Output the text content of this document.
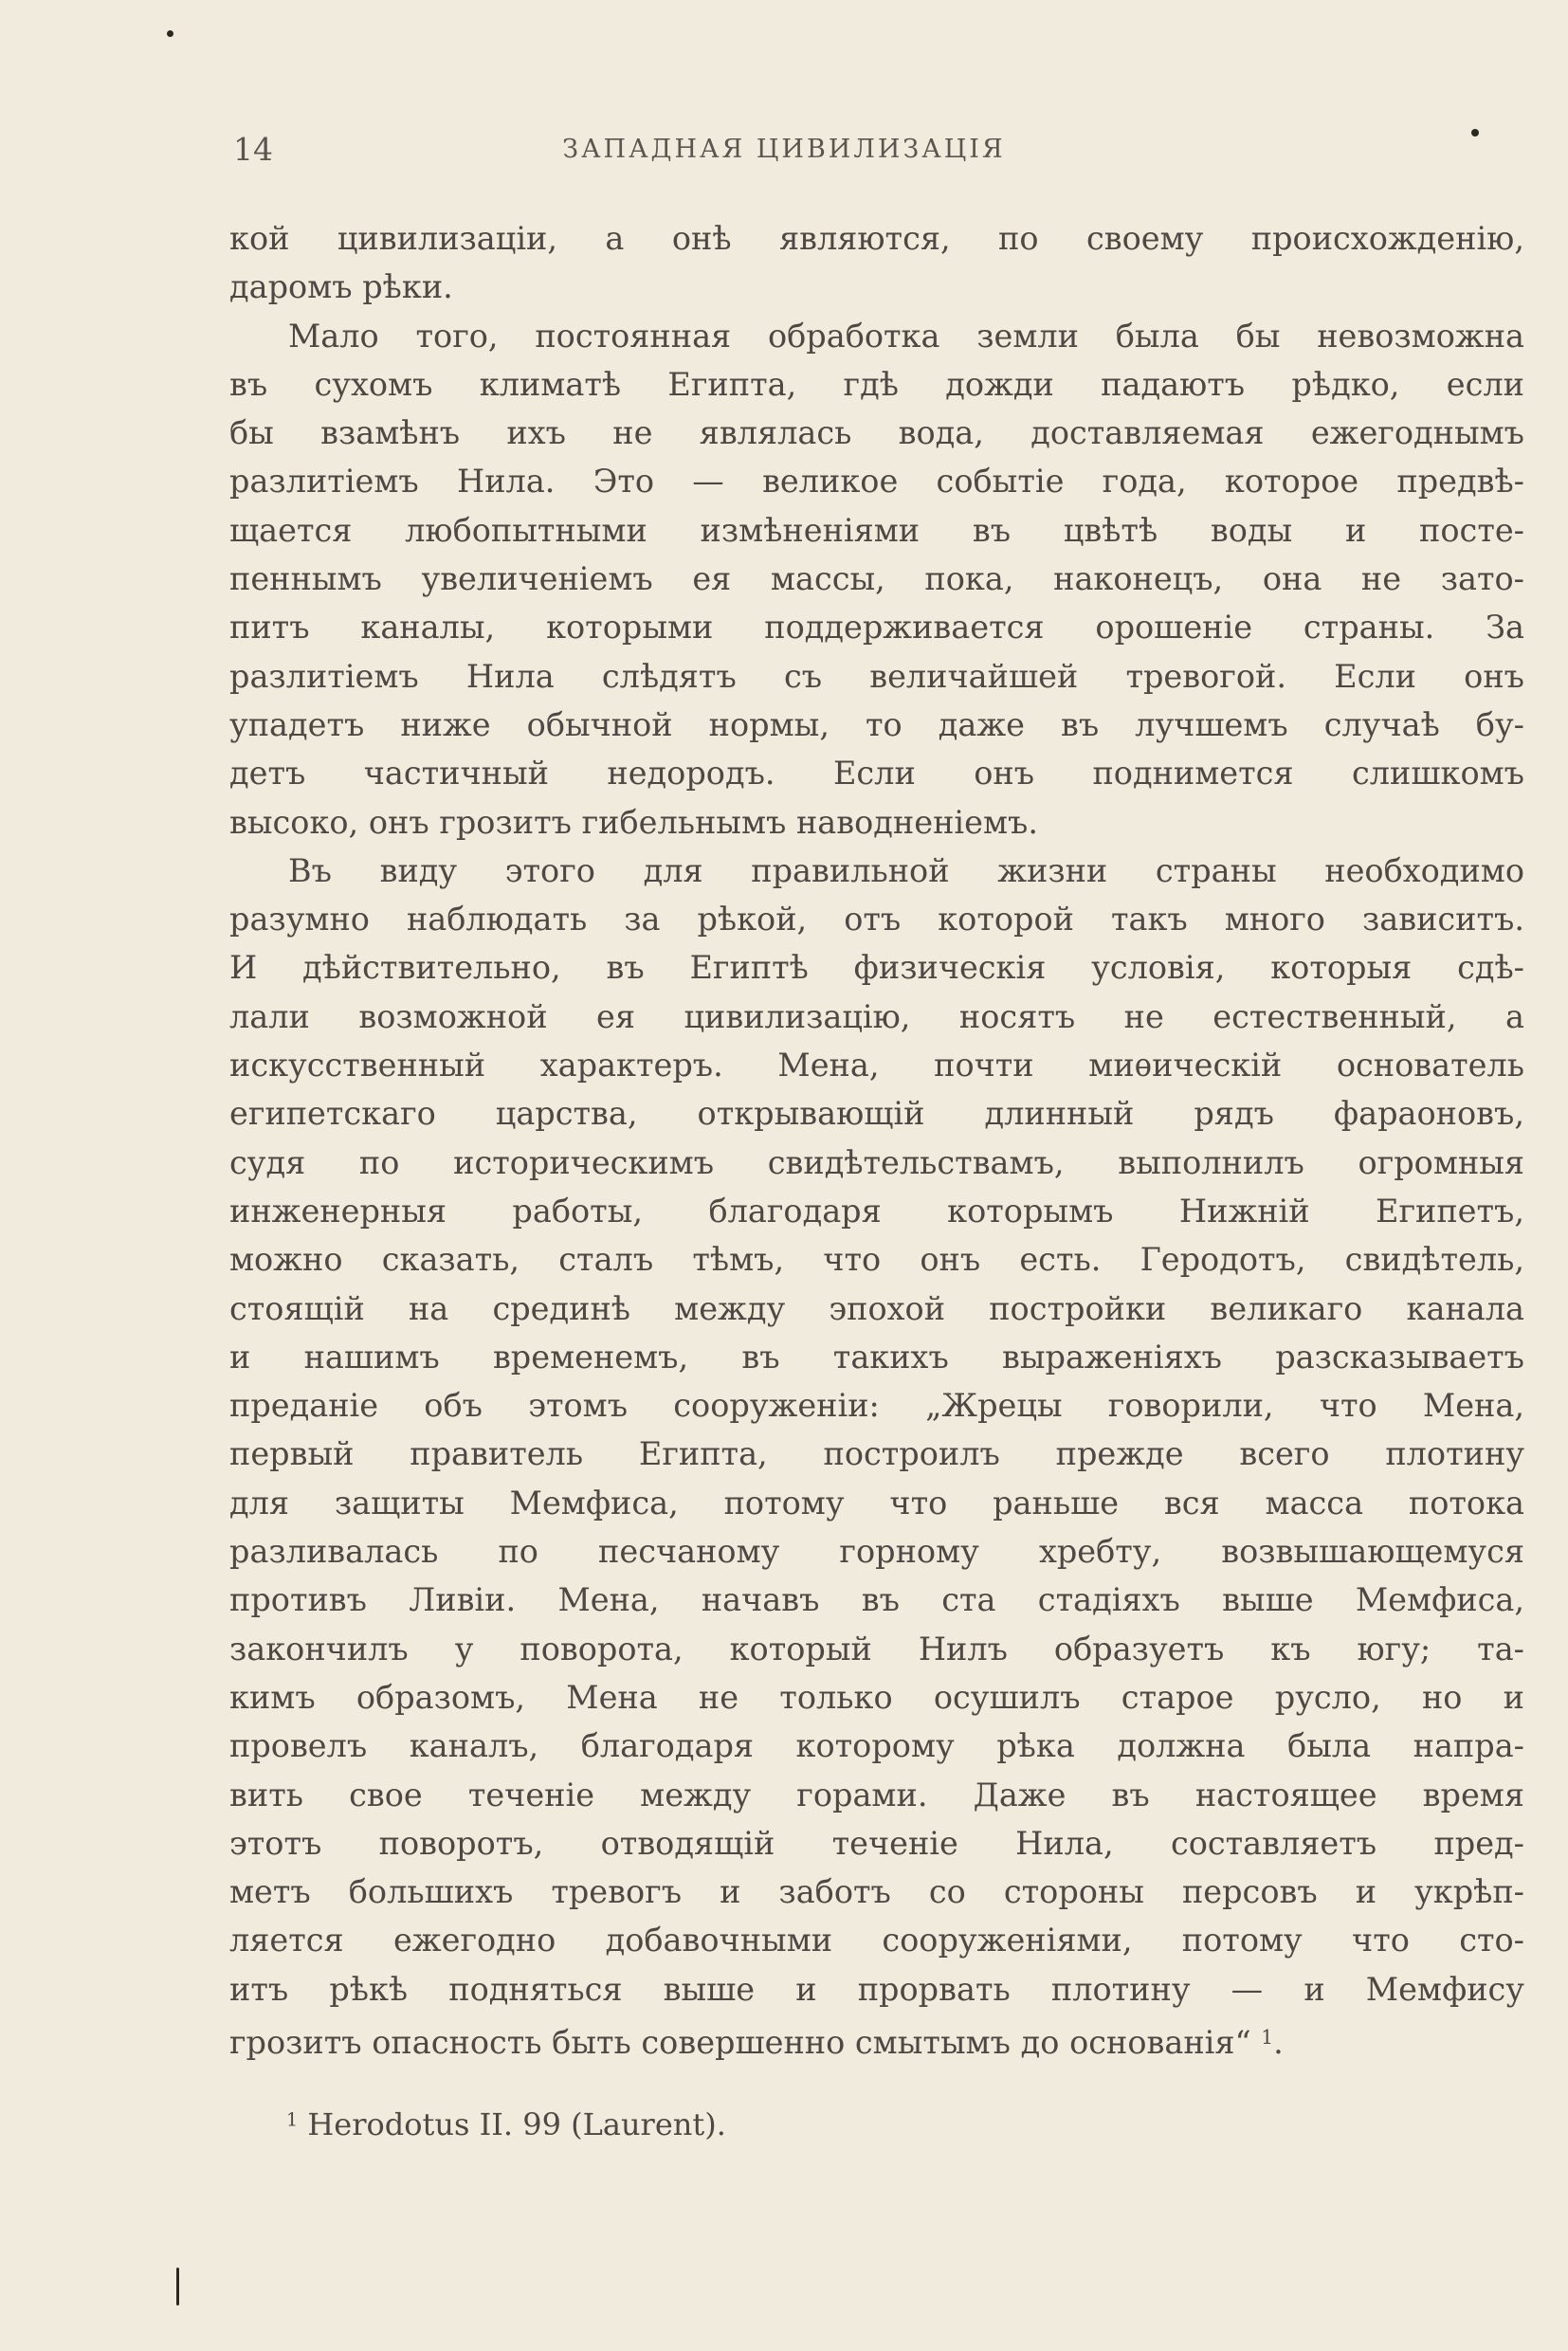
14	ЗАПАДНАЯ ЦИВИЛИЗАЦІЯ
кой цивилизаціи, а онѣ являются, по своему происхожденію,
даромъ рѣки.
Мало того, постоянная обработка земли была бы невозможна
въ сухомъ климатѣ Египта, гдѣ дожди падаютъ рѣдко, если
бы взамѣнъ ихъ не являлась вода, доставляемая ежегоднымъ
разлитіемъ Нила. Это — великое событіе года, которое предвѣ-
щается любопытными измѣненіями въ цвѣтѣ воды и посте-
пеннымъ увеличеніемъ ея массы, пока, наконецъ, она не зато-
питъ каналы, которыми поддерживается орошеніе страны. За
разлитіемъ Нила слѣдятъ съ величайшей тревогой. Если онъ
упадетъ ниже обычной нормы, то даже въ лучшемъ случаѣ бу-
детъ частичный недородъ. Если онъ поднимется слишкомъ
высоко, онъ грозитъ гибельнымъ наводненіемъ.
Въ виду этого для правильной жизни страны необходимо
разумно наблюдать за рѣкой, отъ которой такъ много зависитъ.
И дѣйствительно, въ Египтѣ физическія условія, которыя сдѣ-
лали возможной ея цивилизацію, носятъ не естественный, а
искусственный характеръ. Мена, почти миѳическій основатель
египетскаго царства, открывающій длинный рядъ фараоновъ,
судя по историческимъ свидѣтельствамъ, выполнилъ огромныя
инженерныя работы, благодаря которымъ Нижній Египетъ,
можно сказать, сталъ тѣмъ, что онъ есть. Геродотъ, свидѣтель,
стоящій на срединѣ между эпохой постройки великаго канала
и нашимъ временемъ, въ такихъ выраженіяхъ разсказываетъ
преданіе объ этомъ сооруженіи: „Жрецы говорили, что Мена,
первый правитель Египта, построилъ прежде всего плотину
для защиты Мемфиса, потому что раньше вся масса потока
разливалась по песчаному горному хребту, возвышающемуся
противъ Ливіи. Мена, начавъ въ ста стадіяхъ выше Мемфиса,
закончилъ у поворота, который Нилъ образуетъ къ югу; та-
кимъ образомъ, Мена не только осушилъ старое русло, но и
провелъ каналъ, благодаря которому рѣка должна была напра-
вить свое теченіе между горами. Даже въ настоящее время
этотъ поворотъ, отводящій теченіе Нила, составляетъ пред-
метъ большихъ тревогъ и заботъ со стороны персовъ и укрѣп-
ляется ежегодно добавочными сооруженіями, потому что сто-
итъ рѣкѣ подняться выше и прорвать плотину — и Мемфису
грозитъ опасность быть совершенно смытымъ до основанія“ $^1$.
$^1$ Herodotus II. 99 (Laurent).
